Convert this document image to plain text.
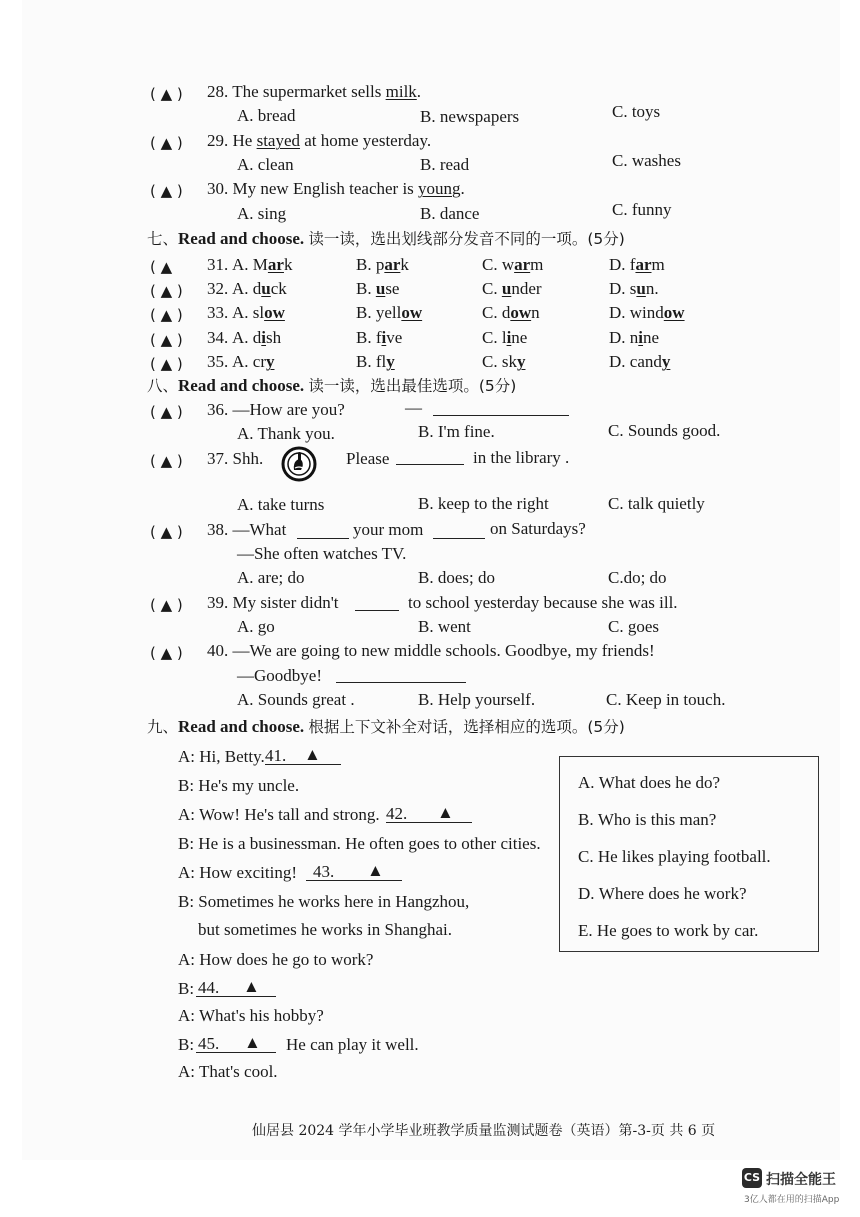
( ▲ ) 28. The supermarket sells milk.
A. bread	B. newspapers	C. toys
( ▲ ) 29. He stayed at home yesterday.
A. clean	B. read	C. washes
( ▲ ) 30. My new English teacher is young.
A. sing	B. dance	C. funny
七、Read and choose. 读一读，选出划线部分发音不同的一项。(5分)
( ▲ 31. A. Mark	B. park	C. warm	D. farm
( ▲ ) 32. A. duck	B. use	C. under	D. sun.
( ▲ ) 33. A. slow	B. yellow	C. down	D. window
( ▲ ) 34. A. dish	B. five	C. line	D. nine
( ▲ ) 35. A. cry	B. fly	C. sky	D. candy
八、Read and choose. 读一读，选出最佳选项。(5分)
( ▲ ) 36. —How are you?	—
A. Thank you.	B. I'm fine.	C. Sounds good.
( ▲ ) 37. Shh.	Please	in the library .
A. take turns	B. keep to the right	C. talk quietly
( ▲ ) 38. —What	your mom	on Saturdays?
—She often watches TV.
A. are; do	B. does; do	C.do; do
( ▲ ) 39. My sister didn't	to school yesterday because she was ill.
A. go	B. went	C. goes
( ▲ ) 40. —We are going to new middle schools. Goodbye, my friends!
—Goodbye!
A. Sounds great .	B. Help yourself.	C. Keep in touch.
九、Read and choose. 根据上下文补全对话，选择相应的选项。(5分)
A: Hi, Betty. 41. ▲
B: He's my uncle.
A: Wow! He's tall and strong. 42. ▲
B: He is a businessman. He often goes to other cities.
A: How exciting! 43. ▲
B: Sometimes he works here in Hangzhou,
but sometimes he works in Shanghai.
A: How does he go to work?
B: 44. ▲
A: What's his hobby?
B: 45. ▲ He can play it well.
A: That's cool.
A. What does he do?
B. Who is this man?
C. He likes playing football.
D. Where does he work?
E. He goes to work by car.
仙居县 2024 学年小学毕业班教学质量监测试题卷（英语）第-3-页 共 6 页
CS 扫描全能王
3亿人都在用的扫描App
